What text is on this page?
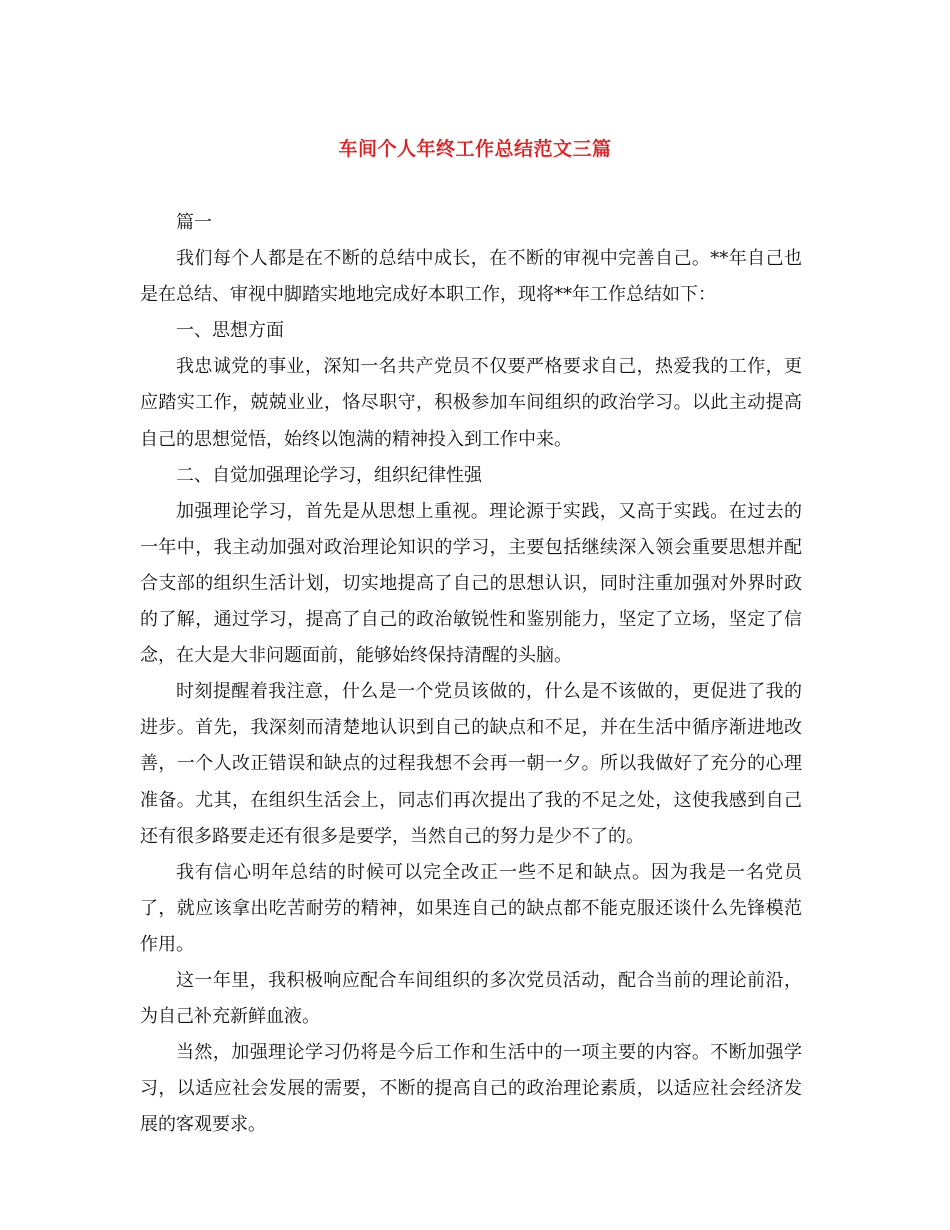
车间个人年终工作总结范文三篇

篇一

我们每个人都是在不断的总结中成长，在不断的审视中完善自己。**年自己也是在总结、审视中脚踏实地地完成好本职工作，现将**年工作总结如下：

一、思想方面

我忠诚党的事业，深知一名共产党员不仅要严格要求自己，热爱我的工作，更应踏实工作，兢兢业业，恪尽职守，积极参加车间组织的政治学习。以此主动提高自己的思想觉悟，始终以饱满的精神投入到工作中来。

二、自觉加强理论学习，组织纪律性强

加强理论学习，首先是从思想上重视。理论源于实践，又高于实践。在过去的一年中，我主动加强对政治理论知识的学习，主要包括继续深入领会重要思想并配合支部的组织生活计划，切实地提高了自己的思想认识，同时注重加强对外界时政的了解，通过学习，提高了自己的政治敏锐性和鉴别能力，坚定了立场，坚定了信念，在大是大非问题面前，能够始终保持清醒的头脑。

时刻提醒着我注意，什么是一个党员该做的，什么是不该做的，更促进了我的进步。首先，我深刻而清楚地认识到自己的缺点和不足，并在生活中循序渐进地改善，一个人改正错误和缺点的过程我想不会再一朝一夕。所以我做好了充分的心理准备。尤其，在组织生活会上，同志们再次提出了我的不足之处，这使我感到自己还有很多路要走还有很多是要学，当然自己的努力是少不了的。

我有信心明年总结的时候可以完全改正一些不足和缺点。因为我是一名党员了，就应该拿出吃苦耐劳的精神，如果连自己的缺点都不能克服还谈什么先锋模范作用。

这一年里，我积极响应配合车间组织的多次党员活动，配合当前的理论前沿，为自己补充新鲜血液。

当然，加强理论学习仍将是今后工作和生活中的一项主要的内容。不断加强学习，以适应社会发展的需要，不断的提高自己的政治理论素质，以适应社会经济发展的客观要求。
